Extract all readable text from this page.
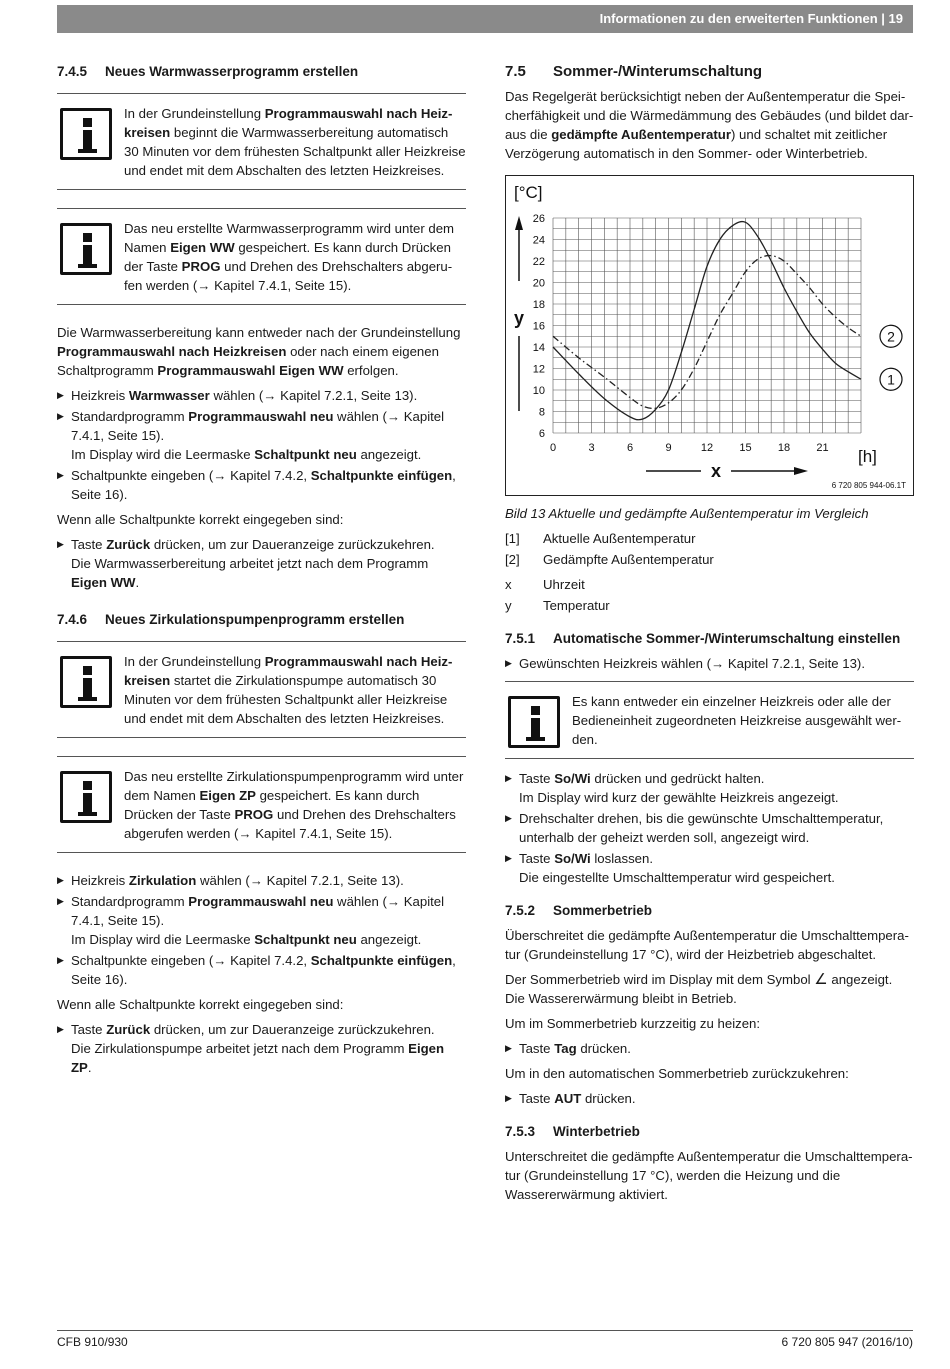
Informationen zu den erweiterten Funktionen | 19
7.4.5 Neues Warmwasserprogramm erstellen
In der Grundeinstellung Programmauswahl nach Heizkreisen beginnt die Warmwasserbereitung automatisch 30 Minuten vor dem frühesten Schaltpunkt aller Heizkreise und endet mit dem Abschalten des letzten Heizkreises.
Das neu erstellte Warmwasserprogramm wird unter dem Namen Eigen WW gespeichert. Es kann durch Drücken der Taste PROG und Drehen des Drehschalters abgerufen werden (→ Kapitel 7.4.1, Seite 15).

Die Warmwasserbereitung kann entweder nach der Grundeinstellung Programmauswahl nach Heizkreisen oder nach einem eigenen Schaltprogramm Programmauswahl Eigen WW erfolgen.

▶ Heizkreis Warmwasser wählen (→ Kapitel 7.2.1, Seite 13).
▶ Standardprogramm Programmauswahl neu wählen (→ Kapitel 7.4.1, Seite 15).
Im Display wird die Leermaske Schaltpunkt neu angezeigt.
▶ Schaltpunkte eingeben (→ Kapitel 7.4.2, Schaltpunkte einfügen, Seite 16).

Wenn alle Schaltpunkte korrekt eingegeben sind:

▶ Taste Zurück drücken, um zur Daueranzeige zurückzukehren.
Die Warmwasserbereitung arbeitet jetzt nach dem Programm Eigen WW.
7.4.6 Neues Zirkulationspumpenprogramm erstellen
In der Grundeinstellung Programmauswahl nach Heizkreisen startet die Zirkulationspumpe automatisch 30 Minuten vor dem frühesten Schaltpunkt aller Heizkreise und endet mit dem Abschalten des letzten Heizkreises.
Das neu erstellte Zirkulationspumpenprogramm wird unter dem Namen Eigen ZP gespeichert. Es kann durch Drücken der Taste PROG und Drehen des Drehschalters abgerufen werden (→ Kapitel 7.4.1, Seite 15).
▶ Heizkreis Zirkulation wählen (→ Kapitel 7.2.1, Seite 13).
▶ Standardprogramm Programmauswahl neu wählen (→ Kapitel 7.4.1, Seite 15).
Im Display wird die Leermaske Schaltpunkt neu angezeigt.
▶ Schaltpunkte eingeben (→ Kapitel 7.4.2, Schaltpunkte einfügen, Seite 16).

Wenn alle Schaltpunkte korrekt eingegeben sind:

▶ Taste Zurück drücken, um zur Daueranzeige zurückzukehren.
Die Zirkulationspumpe arbeitet jetzt nach dem Programm Eigen ZP.
7.5 Sommer-/Winterumschaltung

Das Regelgerät berücksichtigt neben der Außentemperatur die Speicherfähigkeit und die Wärmedämmung des Gebäudes (und bildet daraus die gedämpfte Außentemperatur) und schaltet mit zeitlicher Verzögerung automatisch in den Sommer- oder Winterbetrieb.

6
8
10
12
14
16
18
20
22
24
26
0	3	6	9	12 15 18 21
[°C]
[h]
y
x
6 720 805 944-06.1T
1
2
Bild 13 Aktuelle und gedämpfte Außentemperatur im Vergleich
[1]	Aktuelle Außentemperatur
[2]	Gedämpfte Außentemperatur
x	Uhrzeit
y	Temperatur
7.5.1 Automatische Sommer-/Winterumschaltung einstellen
▶ Gewünschten Heizkreis wählen (→ Kapitel 7.2.1, Seite 13).
Es kann entweder ein einzelner Heizkreis oder alle der Bedieneinheit zugeordneten Heizkreise ausgewählt werden.
▶ Taste So/Wi drücken und gedrückt halten.
Im Display wird kurz der gewählte Heizkreis angezeigt.
▶ Drehschalter drehen, bis die gewünschte Umschalttemperatur, unterhalb der geheizt werden soll, angezeigt wird.
▶ Taste So/Wi loslassen.
Die eingestellte Umschalttemperatur wird gespeichert.
7.5.2 Sommerbetrieb

Überschreitet die gedämpfte Außentemperatur die Umschalttemperatur (Grundeinstellung 17 °C), wird der Heizbetrieb abgeschaltet.

Der Sommerbetrieb wird im Display mit dem Symbol ∠ angezeigt. Die Wassererwärmung bleibt in Betrieb.

Um im Sommerbetrieb kurzzeitig zu heizen:

▶ Taste Tag drücken.

Um in den automatischen Sommerbetrieb zurückzukehren:

▶ Taste AUT drücken.
7.5.3 Winterbetrieb

Unterschreitet die gedämpfte Außentemperatur die Umschalttemperatur (Grundeinstellung 17 °C), werden die Heizung und die Wassererwärmung aktiviert.

CFB 910/930	6 720 805 947 (2016/10)
